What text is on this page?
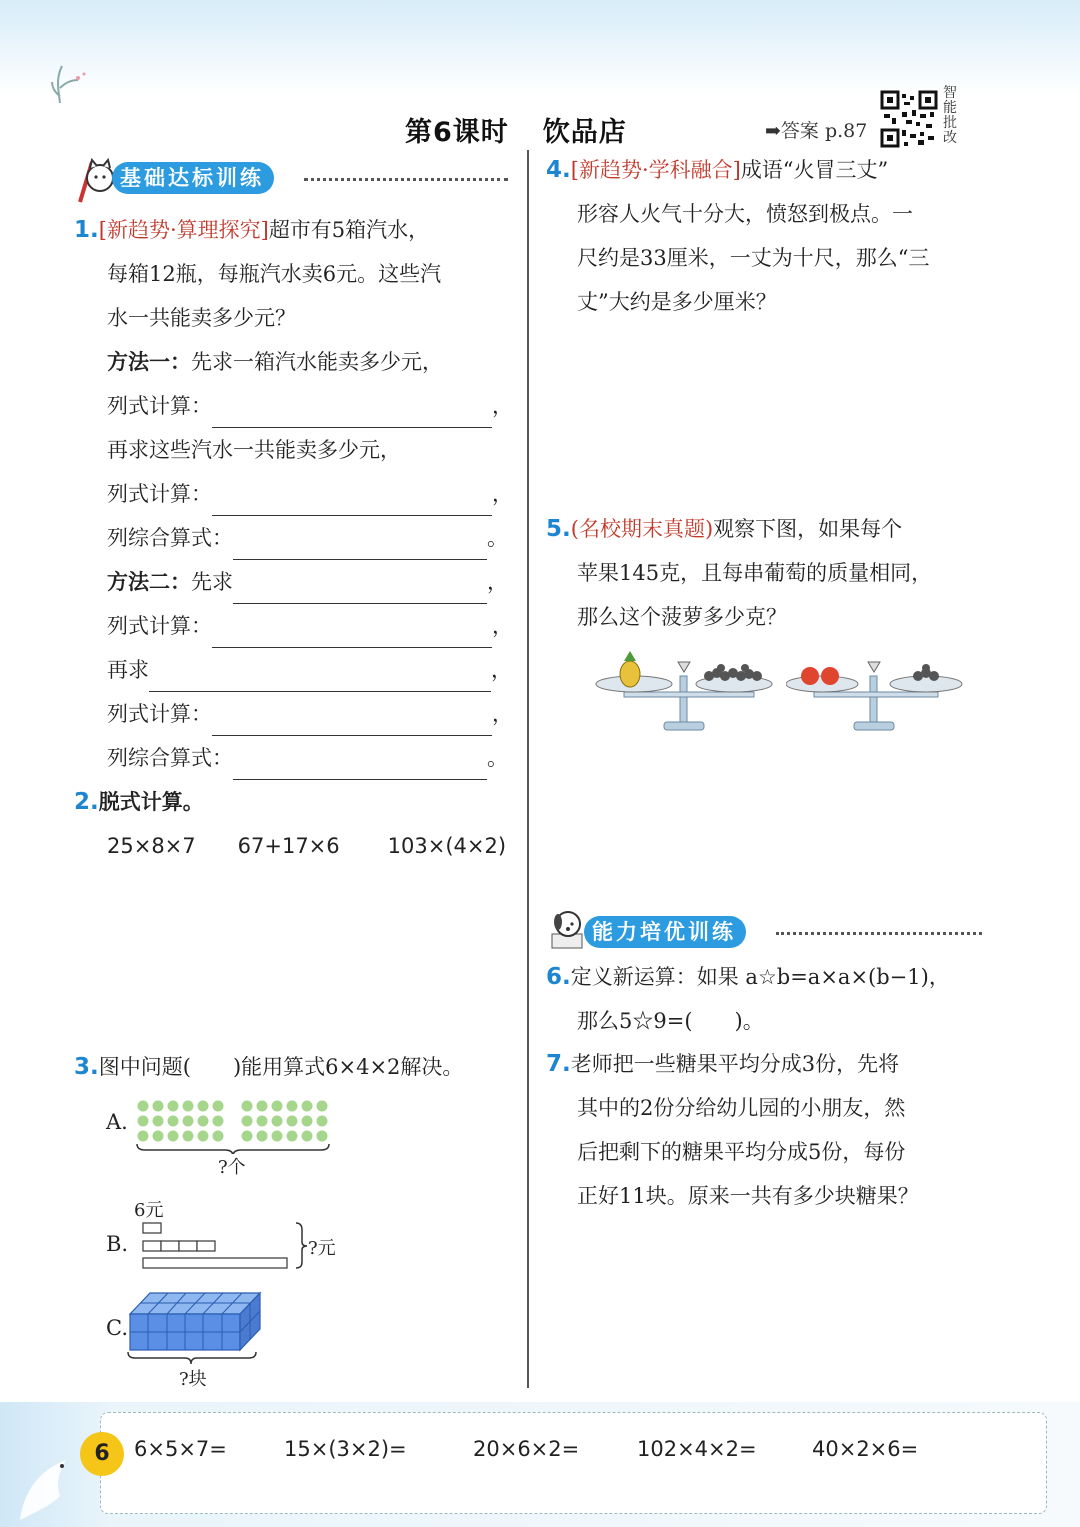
第6课时 饮品店	➡答案 p.87
智能批改
基础达标训练
1.[新趋势·算理探究]超市有5箱汽水，
每箱12瓶，每瓶汽水卖6元。这些汽
水一共能卖多少元？
方法一：先求一箱汽水能卖多少元，
列式计算：	，
再求这些汽水一共能卖多少元，
列式计算：	，
列综合算式：	。
方法二：先求	，
列式计算：	，
再求	，
列式计算：	，
列综合算式：	。
2.脱式计算。
25×8×7 67+17×6 103×(4×2)
3.图中问题(　　)能用算式6×4×2解决。
A.
?个
6元
B.	?元
C.
?块
4.[新趋势·学科融合]成语“火冒三丈”
形容人火气十分大，愤怒到极点。一
尺约是33厘米，一丈为十尺，那么“三
丈”大约是多少厘米？
5.(名校期末真题)观察下图，如果每个
苹果145克，且每串葡萄的质量相同，
那么这个菠萝多少克？
能力培优训练
6.定义新运算：如果 a☆b=a×a×(b−1)，
那么5☆9=(　　)。
7.老师把一些糖果平均分成3份，先将
其中的2份分给幼儿园的小朋友，然
后把剩下的糖果平均分成5份，每份
正好11块。原来一共有多少块糖果？
6	6×5×7=	15×(3×2)=	20×6×2=	102×4×2=	40×2×6=
